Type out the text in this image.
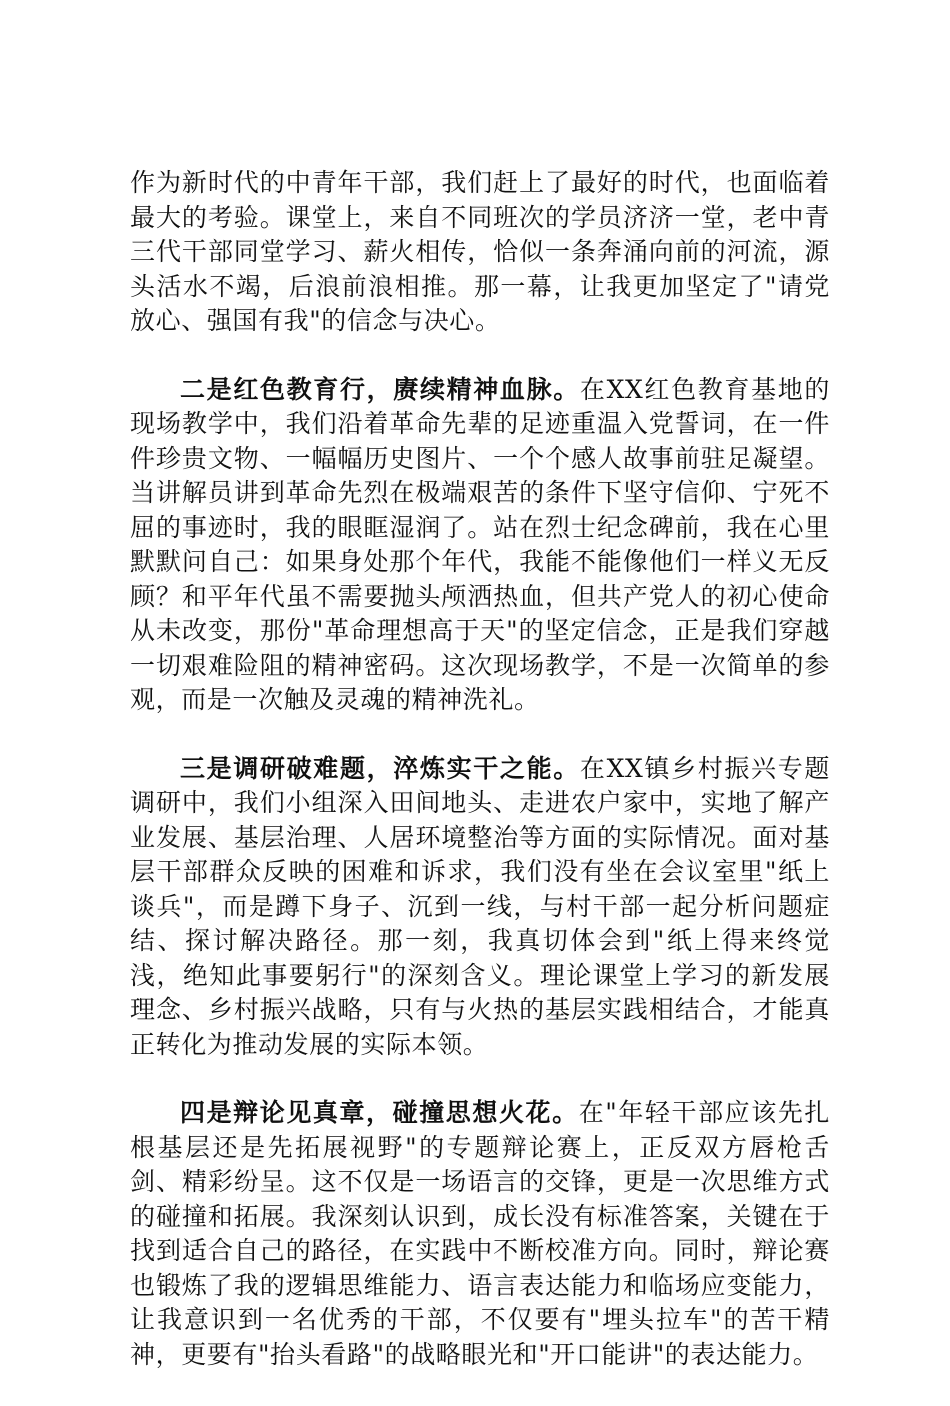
作为新时代的中青年干部，我们赶上了最好的时代，也面临着最大的考验。课堂上，来自不同班次的学员济济一堂，老中青三代干部同堂学习、薪火相传，恰似一条奔涌向前的河流，源头活水不竭，后浪前浪相推。那一幕，让我更加坚定了"请党放心、强国有我"的信念与决心。

二是红色教育行，赓续精神血脉。在XX红色教育基地的现场教学中，我们沿着革命先辈的足迹重温入党誓词，在一件件珍贵文物、一幅幅历史图片、一个个感人故事前驻足凝望。当讲解员讲到革命先烈在极端艰苦的条件下坚守信仰、宁死不屈的事迹时，我的眼眶湿润了。站在烈士纪念碑前，我在心里默默问自己：如果身处那个年代，我能不能像他们一样义无反顾？和平年代虽不需要抛头颅洒热血，但共产党人的初心使命从未改变，那份"革命理想高于天"的坚定信念，正是我们穿越一切艰难险阻的精神密码。这次现场教学，不是一次简单的参观，而是一次触及灵魂的精神洗礼。

三是调研破难题，淬炼实干之能。在XX镇乡村振兴专题调研中，我们小组深入田间地头、走进农户家中，实地了解产业发展、基层治理、人居环境整治等方面的实际情况。面对基层干部群众反映的困难和诉求，我们没有坐在会议室里"纸上谈兵"，而是蹲下身子、沉到一线，与村干部一起分析问题症结、探讨解决路径。那一刻，我真切体会到"纸上得来终觉浅，绝知此事要躬行"的深刻含义。理论课堂上学习的新发展理念、乡村振兴战略，只有与火热的基层实践相结合，才能真正转化为推动发展的实际本领。

四是辩论见真章，碰撞思想火花。在"年轻干部应该先扎根基层还是先拓展视野"的专题辩论赛上，正反双方唇枪舌剑、精彩纷呈。这不仅是一场语言的交锋，更是一次思维方式的碰撞和拓展。我深刻认识到，成长没有标准答案，关键在于找到适合自己的路径，在实践中不断校准方向。同时，辩论赛也锻炼了我的逻辑思维能力、语言表达能力和临场应变能力，让我意识到一名优秀的干部，不仅要有"埋头拉车"的苦干精神，更要有"抬头看路"的战略眼光和"开口能讲"的表达能力。
